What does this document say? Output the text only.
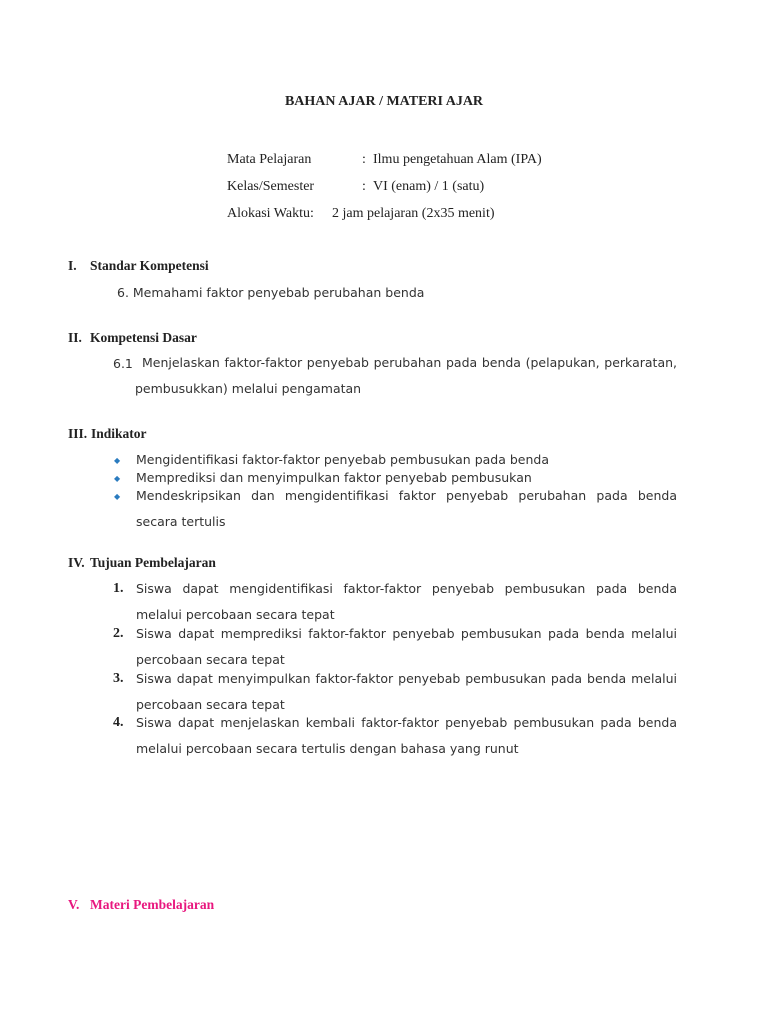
BAHAN AJAR / MATERI AJAR
Mata Pelajaran	: Ilmu pengetahuan Alam (IPA)
Kelas/Semester	: VI (enam) / 1 (satu)
Alokasi Waktu: 2 jam pelajaran (2x35 menit)
I. Standar Kompetensi
6. Memahami faktor penyebab perubahan benda
II. Kompetensi Dasar
6.1 Menjelaskan faktor-faktor penyebab perubahan pada benda (pelapukan, perkaratan, pembusukkan) melalui pengamatan
III. Indikator
◆ Mengidentifikasi faktor-faktor penyebab pembusukan pada benda
◆ Memprediksi dan menyimpulkan faktor penyebab pembusukan
◆ Mendeskripsikan dan mengidentifikasi faktor penyebab perubahan pada benda secara tertulis
IV. Tujuan Pembelajaran
1. Siswa dapat mengidentifikasi faktor-faktor penyebab pembusukan pada benda melalui percobaan secara tepat
2. Siswa dapat memprediksi faktor-faktor penyebab pembusukan pada benda melalui percobaan secara tepat
3. Siswa dapat menyimpulkan faktor-faktor penyebab pembusukan pada benda melalui percobaan secara tepat
4. Siswa dapat menjelaskan kembali faktor-faktor penyebab pembusukan pada benda melalui percobaan secara tertulis dengan bahasa yang runut
V. Materi Pembelajaran
